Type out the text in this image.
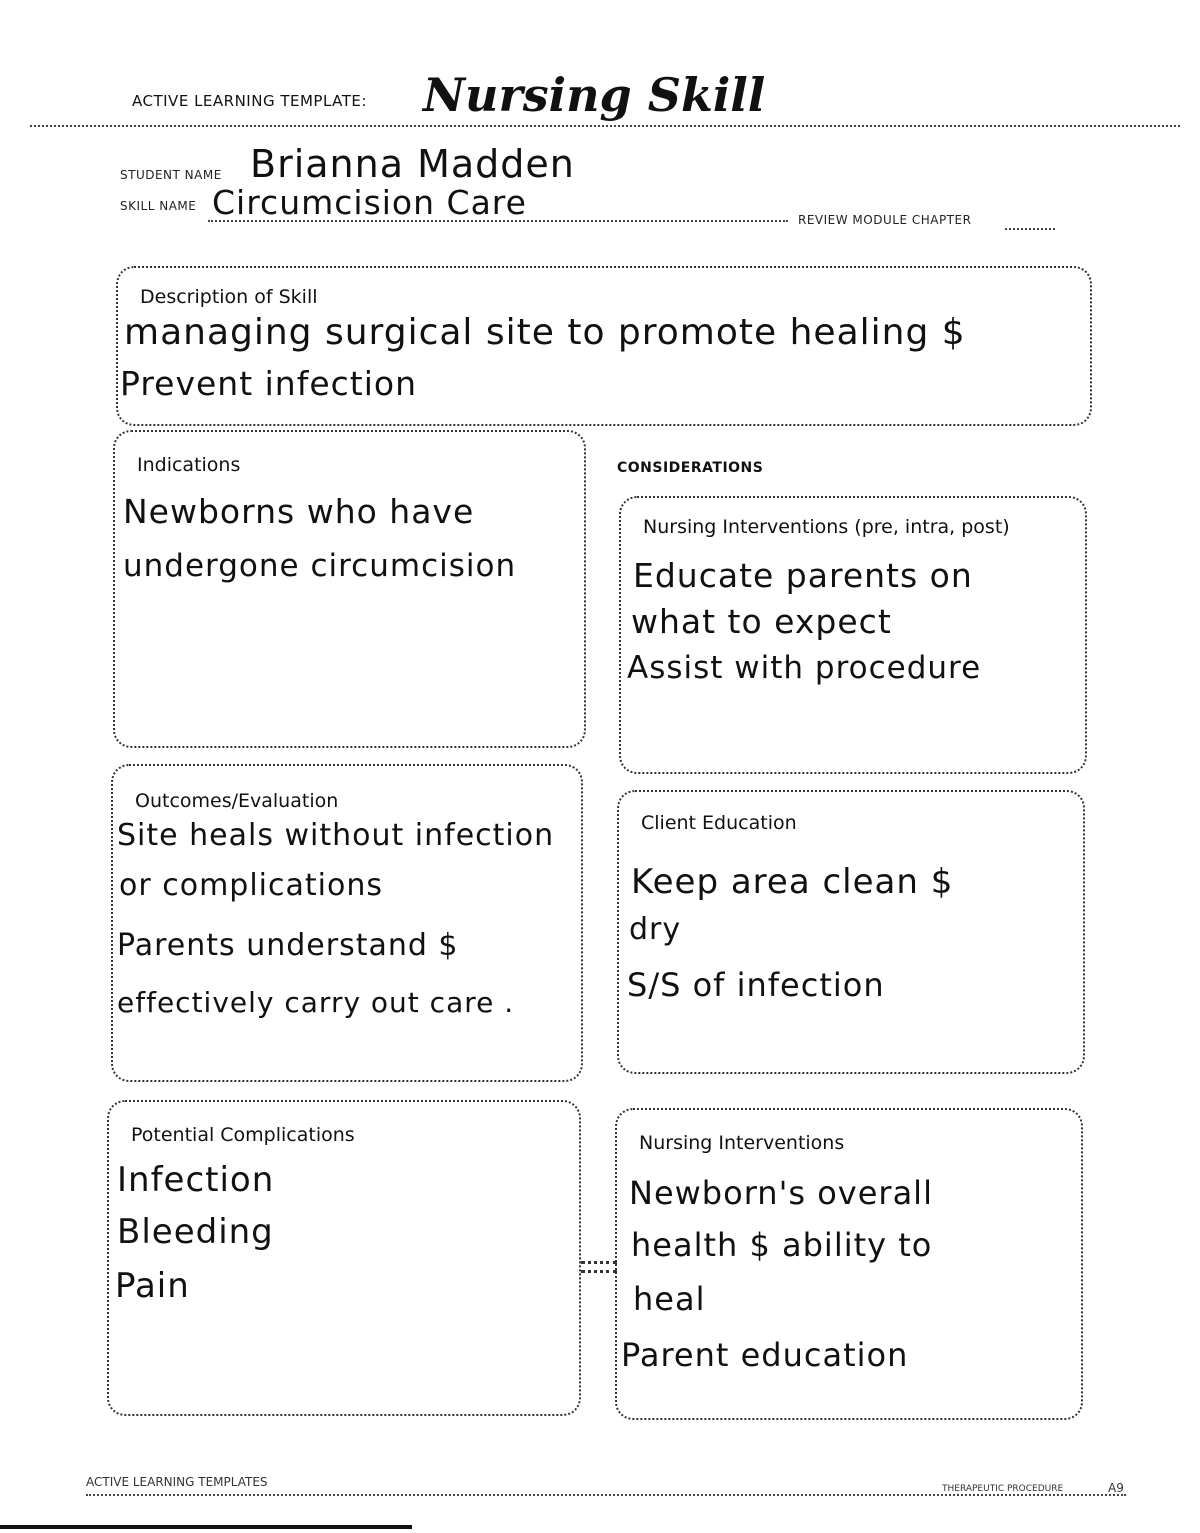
ACTIVE LEARNING TEMPLATE: Nursing Skill
STUDENT NAME Brianna Madden
SKILL NAME Circumcision Care	REVIEW MODULE CHAPTER
Description of Skill
managing surgical site to promote healing $
Prevent infection
Indications
Newborns who have
undergone circumcision
CONSIDERATIONS
Nursing Interventions (pre, intra, post)
Educate parents on
what to expect
Assist with procedure
Outcomes/Evaluation
Site heals without infection
or complications
Parents understand $
effectively carry out care .
Client Education
Keep area clean $
dry
S/S of infection
Potential Complications
Infection
Bleeding
Pain
Nursing Interventions
Newborn's overall
health $ ability to
heal
Parent education
ACTIVE LEARNING TEMPLATES	THERAPEUTIC PROCEDURE	A9
